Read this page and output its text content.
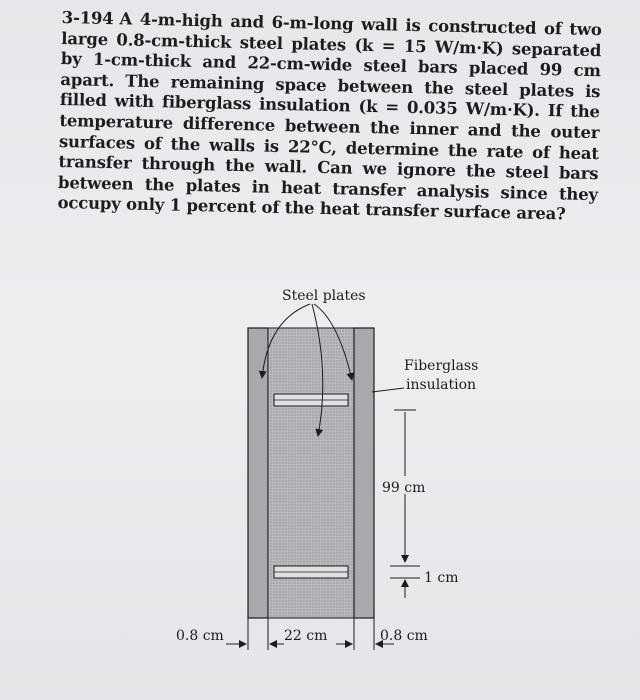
3-194 A 4-m-high and 6-m-long wall is constructed of two large 0.8-cm-thick steel plates (k = 15 W/m·K) separated by 1-cm-thick and 22-cm-wide steel bars placed 99 cm apart. The remaining space between the steel plates is filled with fiberglass insulation (k = 0.035 W/m·K). If the temperature difference between the inner and the outer surfaces of the walls is 22°C, determine the rate of heat transfer through the wall. Can we ignore the steel bars between the plates in heat transfer analysis since they occupy only 1 percent of the heat transfer surface area?
Steel plates
Fiberglass
insulation
99 cm
1 cm
0.8 cm	22 cm	0.8 cm
